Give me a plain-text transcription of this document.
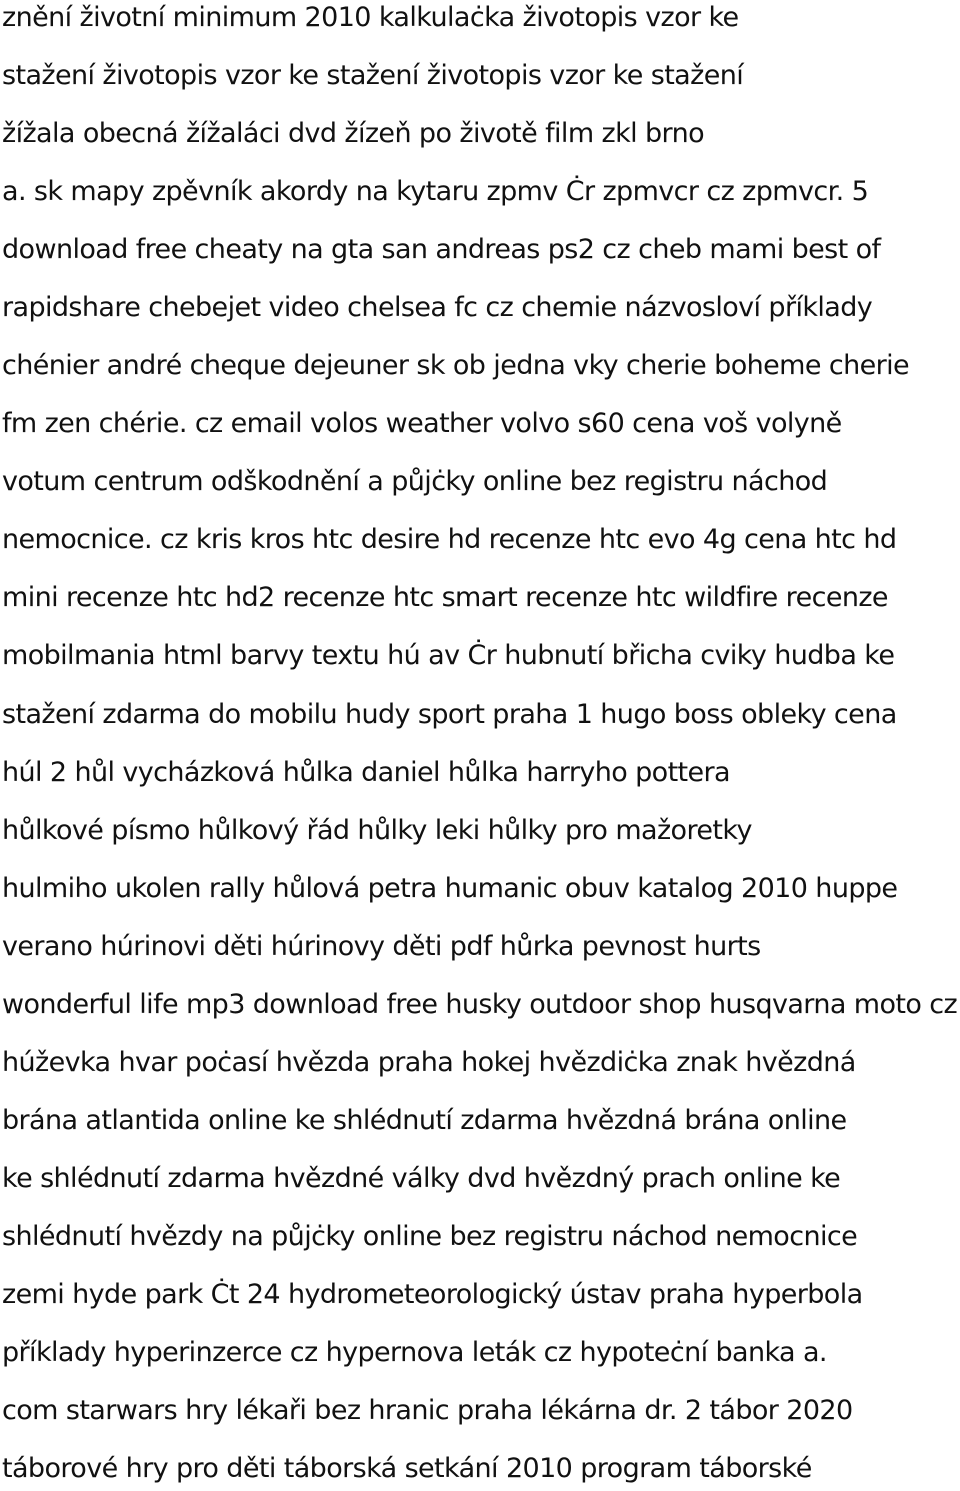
znění životní minimum 2010 kalkulaċka životopis vzor ke
stažení životopis vzor ke stažení životopis vzor ke stažení
žížala obecná žížaláci dvd žízeň po životě film zkl brno
a. sk mapy zpěvník akordy na kytaru zpmv Ċr zpmvcr cz zpmvcr. 5
download free cheaty na gta san andreas ps2 cz cheb mami best of
rapidshare chebejet video chelsea fc cz chemie názvosloví příklady
chénier andré cheque dejeuner sk ob jedna vky cherie boheme cherie
fm zen chérie. cz email volos weather volvo s60 cena voš volyně
votum centrum odškodnění a půjċky online bez registru náchod
nemocnice. cz kris kros htc desire hd recenze htc evo 4g cena htc hd
mini recenze htc hd2 recenze htc smart recenze htc wildfire recenze
mobilmania html barvy textu hú av Ċr hubnutí břicha cviky hudba ke
stažení zdarma do mobilu hudy sport praha 1 hugo boss obleky cena
húl 2 hůl vycházková hůlka daniel hůlka harryho pottera
hůlkové písmo hůlkový řád hůlky leki hůlky pro mažoretky
hulmiho ukolen rally hůlová petra humanic obuv katalog 2010 huppe
verano húrinovi děti húrinovy děti pdf hůrka pevnost hurts
wonderful life mp3 download free husky outdoor shop husqvarna moto cz
húževka hvar poċasí hvězda praha hokej hvězdiċka znak hvězdná
brána atlantida online ke shlédnutí zdarma hvězdná brána online
ke shlédnutí zdarma hvězdné války dvd hvězdný prach online ke
shlédnutí hvězdy na půjċky online bez registru náchod nemocnice
zemi hyde park Ċt 24 hydrometeorologický ústav praha hyperbola
příklady hyperinzerce cz hypernova leták cz hypoteċní banka a.
com starwars hry lékaři bez hranic praha lékárna dr. 2 tábor 2020
táborové hry pro děti táborská setkání 2010 program táborské
